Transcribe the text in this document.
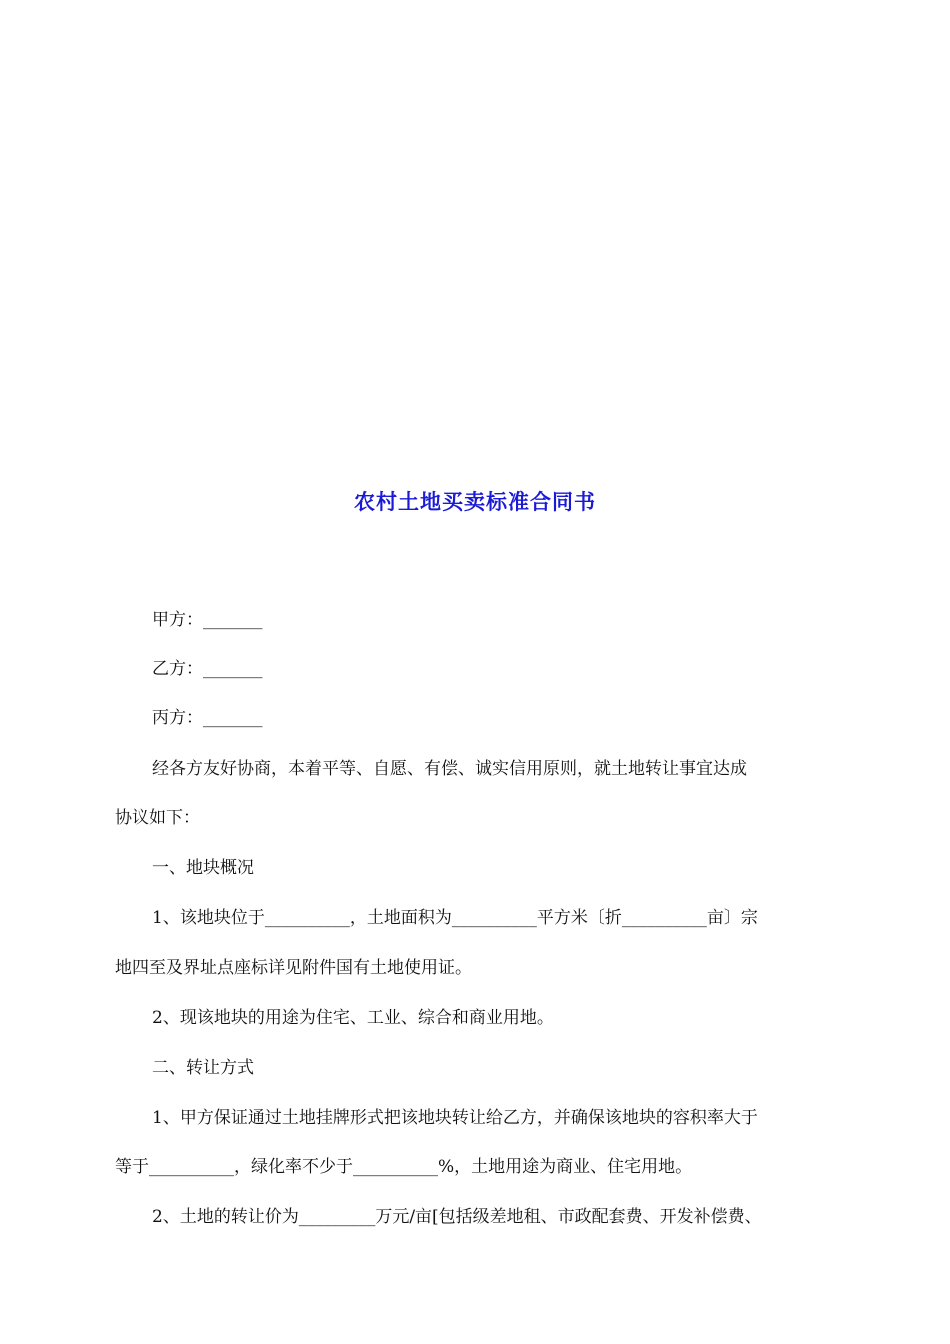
农村土地买卖标准合同书
甲方：_______
乙方：_______
丙方：_______
经各方友好协商，本着平等、自愿、有偿、诚实信用原则，就土地转让事宜达成
协议如下：
一、地块概况
1、该地块位于__________，土地面积为__________平方米〔折__________亩〕宗
地四至及界址点座标详见附件国有土地使用证。
2、现该地块的用途为住宅、工业、综合和商业用地。
二、转让方式
1、甲方保证通过土地挂牌形式把该地块转让给乙方，并确保该地块的容积率大于
等于__________，绿化率不少于__________%，土地用途为商业、住宅用地。
2、土地的转让价为_________万元/亩[包括级差地租、市政配套费、开发补偿费、
